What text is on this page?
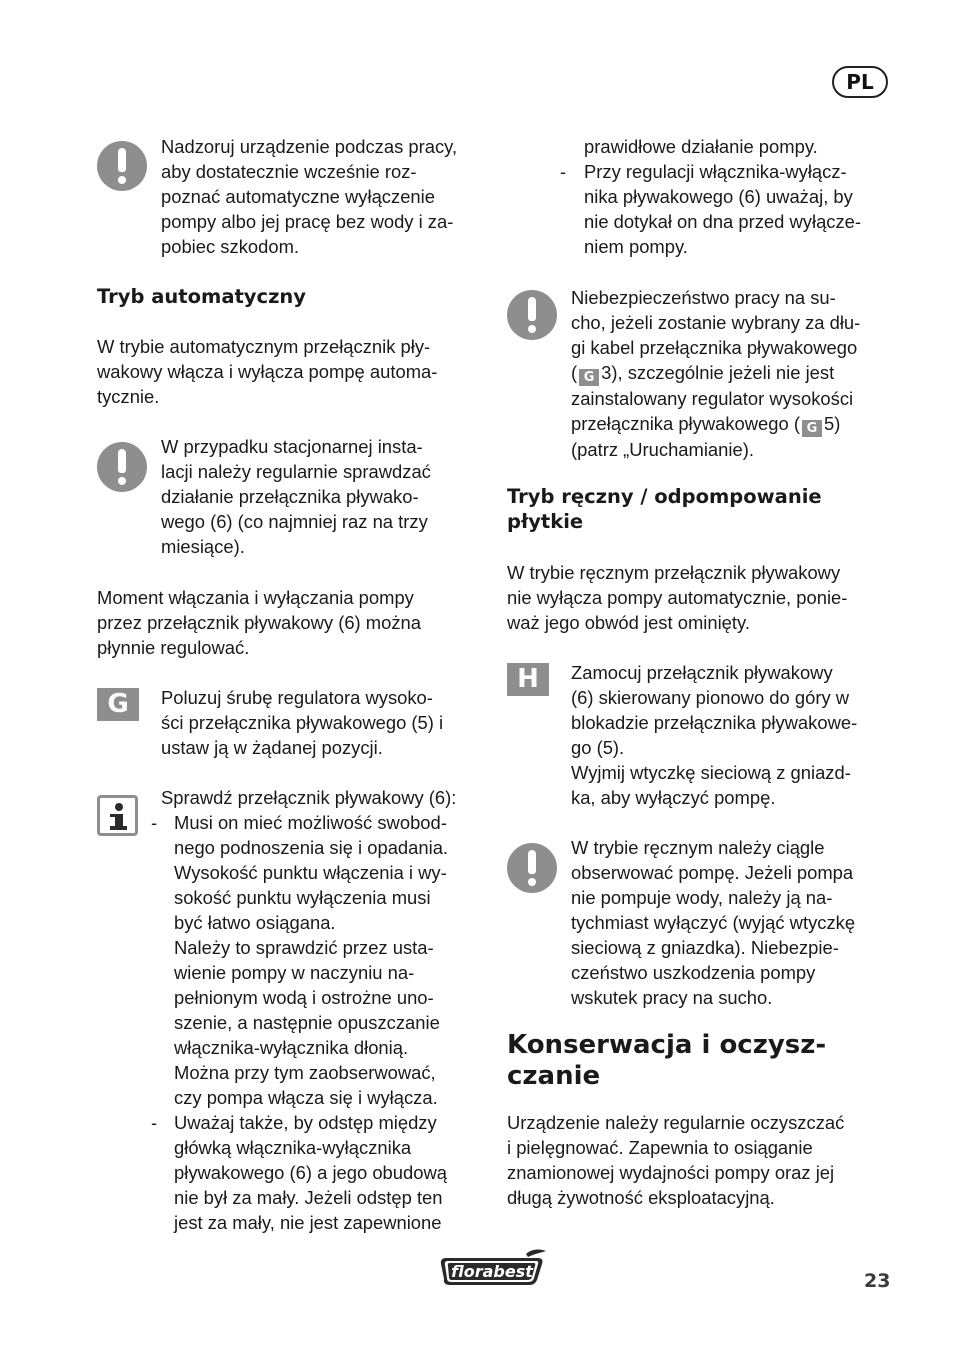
PL
Nadzoruj urządzenie podczas pracy,
aby dostatecznie wcześnie roz-
poznać automatyczne wyłączenie
pompy albo jej pracę bez wody i za-
pobiec szkodom.
Tryb automatyczny
W trybie automatycznym przełącznik pły-
wakowy włącza i wyłącza pompę automa-
tycznie.
W przypadku stacjonarnej insta-
lacji należy regularnie sprawdzać
działanie przełącznika pływako-
wego (6) (co najmniej raz na trzy
miesiące).
Moment włączania i wyłączania pompy
przez przełącznik pływakowy (6) można
płynnie regulować.
G	Poluzuj śrubę regulatora wysoko-
ści przełącznika pływakowego (5) i
ustaw ją w żądanej pozycji.
Sprawdź przełącznik pływakowy (6):
- Musi on mieć możliwość swobod-
nego podnoszenia się i opadania.
Wysokość punktu włączenia i wy-
sokość punktu wyłączenia musi
być łatwo osiągana.
Należy to sprawdzić przez usta-
wienie pompy w naczyniu na-
pełnionym wodą i ostrożne uno-
szenie, a następnie opuszczanie
włącznika-wyłącznika dłonią.
Można przy tym zaobserwować,
czy pompa włącza się i wyłącza.
- Uważaj także, by odstęp między
główką włącznika-wyłącznika
pływakowego (6) a jego obudową
nie był za mały. Jeżeli odstęp ten
jest za mały, nie jest zapewnione
prawidłowe działanie pompy.
- Przy regulacji włącznika-wyłącz-
nika pływakowego (6) uważaj, by
nie dotykał on dna przed wyłącze-
niem pompy.
Niebezpieczeństwo pracy na su-
cho, jeżeli zostanie wybrany za dłu-
gi kabel przełącznika pływakowego
( G 3), szczególnie jeżeli nie jest
zainstalowany regulator wysokości
przełącznika pływakowego ( G 5)
(patrz „Uruchamianie).
Tryb ręczny / odpompowanie
płytkie
W trybie ręcznym przełącznik pływakowy
nie wyłącza pompy automatycznie, ponie-
waż jego obwód jest ominięty.
H	Zamocuj przełącznik pływakowy
(6) skierowany pionowo do góry w
blokadzie przełącznika pływakowe-
go (5).
Wyjmij wtyczkę sieciową z gniazd-
ka, aby wyłączyć pompę.
W trybie ręcznym należy ciągle
obserwować pompę. Jeżeli pompa
nie pompuje wody, należy ją na-
tychmiast wyłączyć (wyjąć wtyczkę
sieciową z gniazdka). Niebezpie-
czeństwo uszkodzenia pompy
wskutek pracy na sucho.
Konserwacja i oczysz-
czanie
Urządzenie należy regularnie oczyszczać
i pielęgnować. Zapewnia to osiąganie
znamionowej wydajności pompy oraz jej
długą żywotność eksploatacyjną.
florabest	23
